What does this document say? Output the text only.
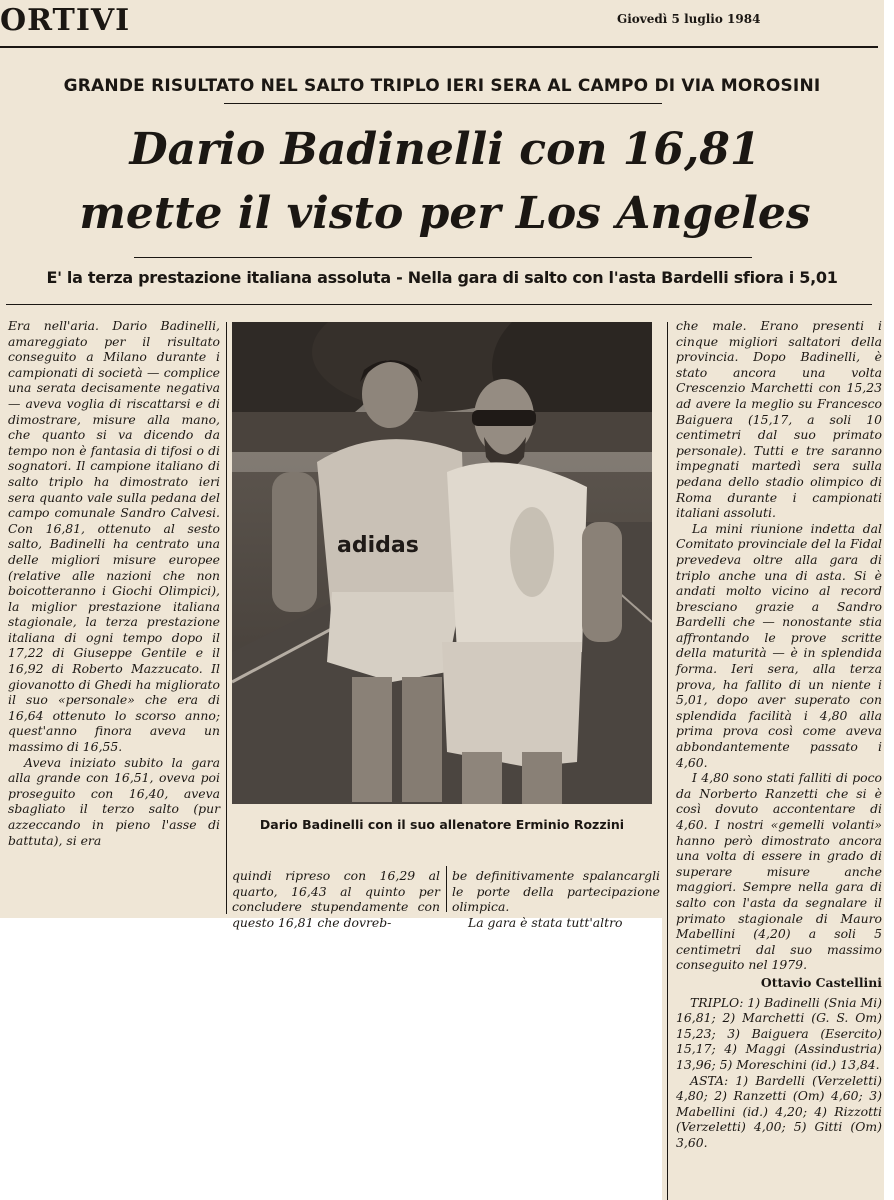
ORTIVI	Giovedì 5 luglio 1984
GRANDE RISULTATO NEL SALTO TRIPLO IERI SERA AL CAMPO DI VIA MOROSINI
Dario Badinelli con 16,81
mette il visto per Los Angeles
E' la terza prestazione italiana assoluta - Nella gara di salto con l'asta Bardelli sfiora i 5,01

Era nell'aria. Dario Badinelli, amareggiato per il risultato conseguito a Milano durante i campionati di società — complice una serata decisamente negativa — aveva voglia di riscattarsi e di dimostrare, misure alla mano, che quanto si va dicendo da tempo non è fantasia di tifosi o di sognatori. Il campione italiano di salto triplo ha dimostrato ieri sera quanto vale sulla pedana del campo comunale Sandro Calvesi. Con 16,81, ottenuto al sesto salto, Badinelli ha centrato una delle migliori misure europee (relative alle nazioni che non boicotteranno i Giochi Olimpici), la miglior prestazione italiana stagionale, la terza prestazione italiana di ogni tempo dopo il 17,22 di Giuseppe Gentile e il 16,92 di Roberto Mazzucato. Il giovanotto di Ghedi ha migliorato il suo «personale» che era di 16,64 ottenuto lo scorso anno; quest'anno finora aveva un massimo di 16,55.

Aveva iniziato subito la gara alla grande con 16,51, oveva poi proseguito con 16,40, aveva sbagliato il terzo salto (pur azzeccando in pieno l'asse di battuta), si era

adidas
Dario Badinelli con il suo allenatore Erminio Rozzini

quindi ripreso con 16,29 al quarto, 16,43 al quinto per concludere stupendamente con questo 16,81 che dovreb-

be definitivamente spalancargli le porte della partecipazione olimpica.

La gara è stata tutt'altro

che male. Erano presenti i cinque migliori saltatori della provincia. Dopo Badinelli, è stato ancora una volta Crescenzio Marchetti con 15,23 ad avere la meglio su Francesco Baiguera (15,17, a soli 10 centimetri dal suo primato personale). Tutti e tre saranno impegnati martedì sera sulla pedana dello stadio olimpico di Roma durante i campionati italiani assoluti.

La mini riunione indetta dal Comitato provinciale del la Fidal prevedeva oltre alla gara di triplo anche una di asta. Si è andati molto vicino al record bresciano grazie a Sandro Bardelli che — nonostante stia affrontando le prove scritte della maturità — è in splendida forma. Ieri sera, alla terza prova, ha fallito di un niente i 5,01, dopo aver superato con splendida facilità i 4,80 alla prima prova così come aveva abbondantemente passato i 4,60.

I 4,80 sono stati falliti di poco da Norberto Ranzetti che si è così dovuto accontentare di 4,60. I nostri «gemelli volanti» hanno però dimostrato ancora una volta di essere in grado di superare misure anche maggiori. Sempre nella gara di salto con l'asta da segnalare il primato stagionale di Mauro Mabellini (4,20) a soli 5 centimetri dal suo massimo conseguito nel 1979.

Ottavio Castellini

TRIPLO: 1) Badinelli (Snia Mi) 16,81; 2) Marchetti (G. S. Om) 15,23; 3) Baiguera (Esercito) 15,17; 4) Maggi (Assindustria) 13,96; 5) Moreschini (id.) 13,84.

ASTA: 1) Bardelli (Verzeletti) 4,80; 2) Ranzetti (Om) 4,60; 3) Mabellini (id.) 4,20; 4) Rizzotti (Verzeletti) 4,00; 5) Gitti (Om) 3,60.
